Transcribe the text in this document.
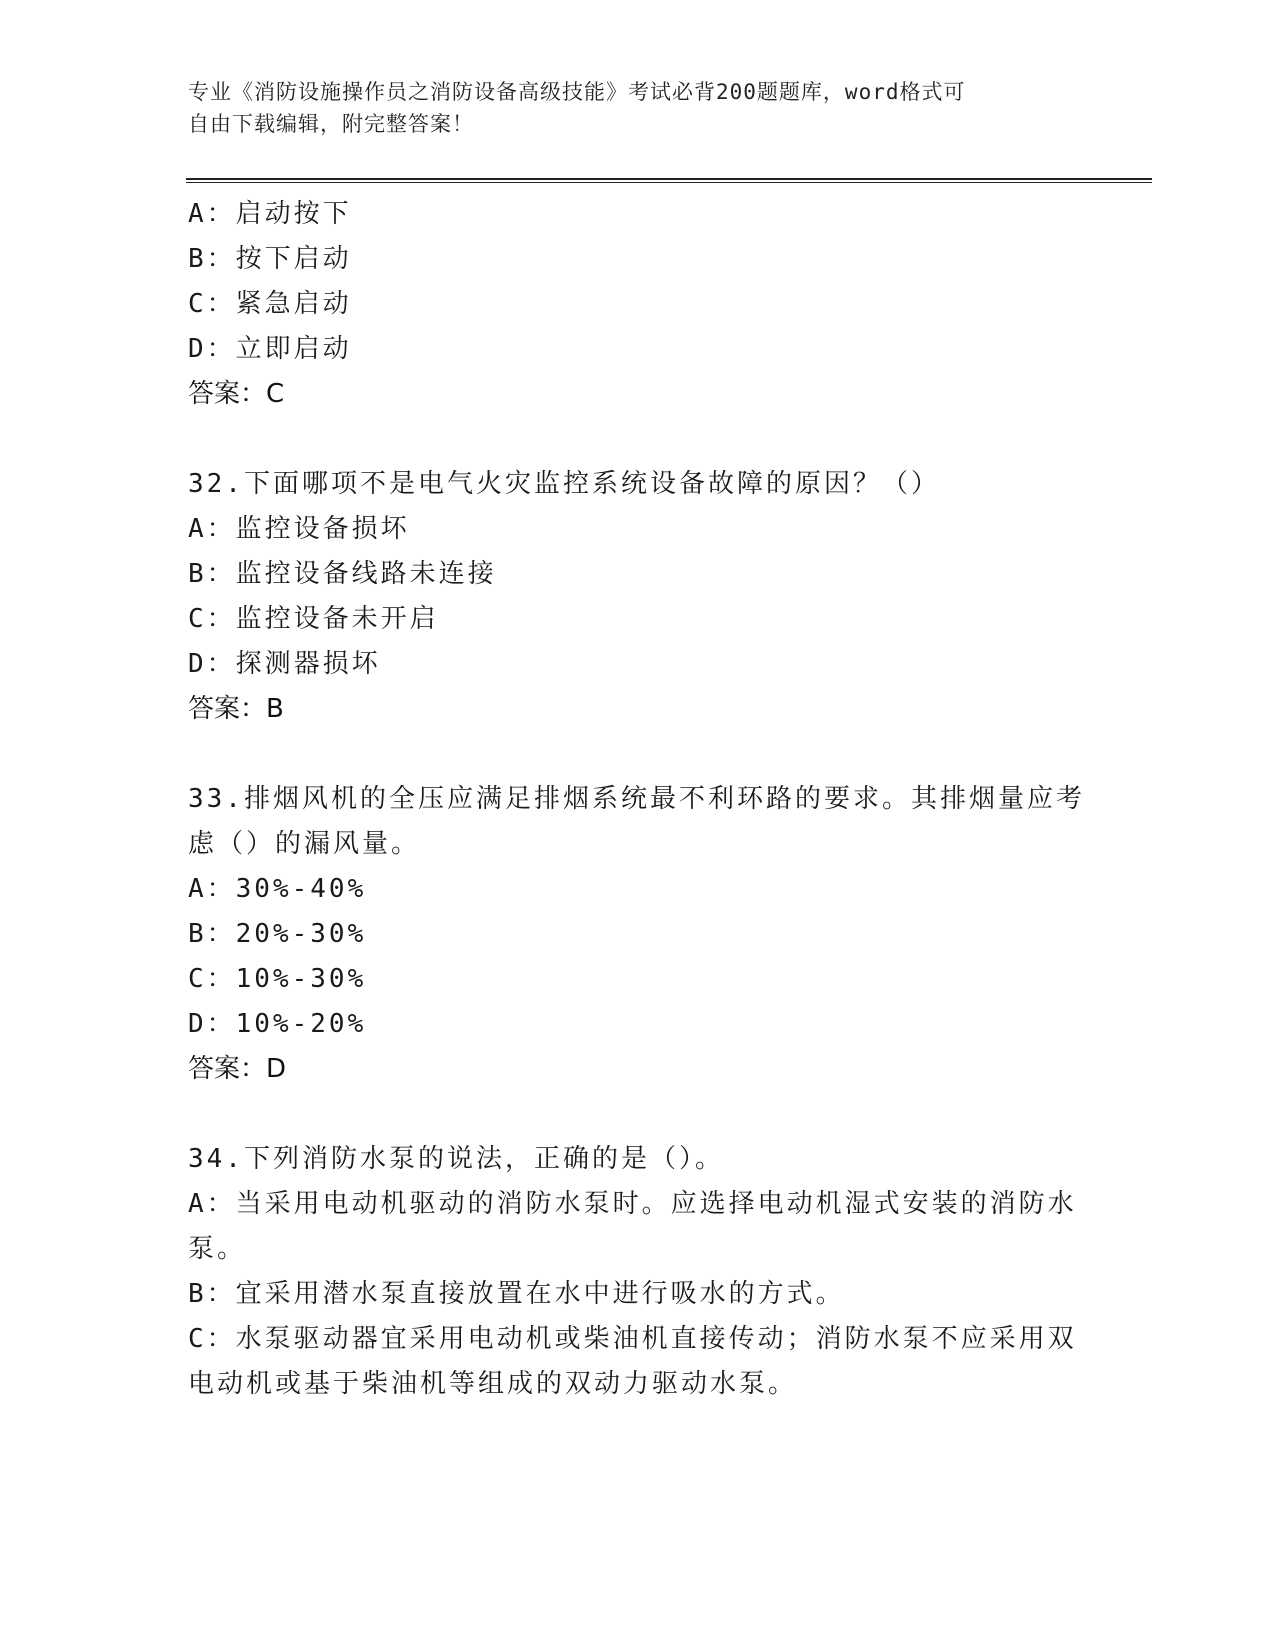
专业《消防设施操作员之消防设备高级技能》考试必背200题题库，word格式可
自由下载编辑，附完整答案！
A：启动按下
B：按下启动
C：紧急启动
D：立即启动
答案：C
32.下面哪项不是电气火灾监控系统设备故障的原因？（）
A：监控设备损坏
B：监控设备线路未连接
C：监控设备未开启
D：探测器损坏
答案：B
33.排烟风机的全压应满足排烟系统最不利环路的要求。其排烟量应考
虑（）的漏风量。
A：30%-40%
B：20%-30%
C：10%-30%
D：10%-20%
答案：D
34.下列消防水泵的说法，正确的是（）。
A：当采用电动机驱动的消防水泵时。应选择电动机湿式安装的消防水
泵。
B：宜采用潜水泵直接放置在水中进行吸水的方式。
C：水泵驱动器宜采用电动机或柴油机直接传动；消防水泵不应采用双
电动机或基于柴油机等组成的双动力驱动水泵。
